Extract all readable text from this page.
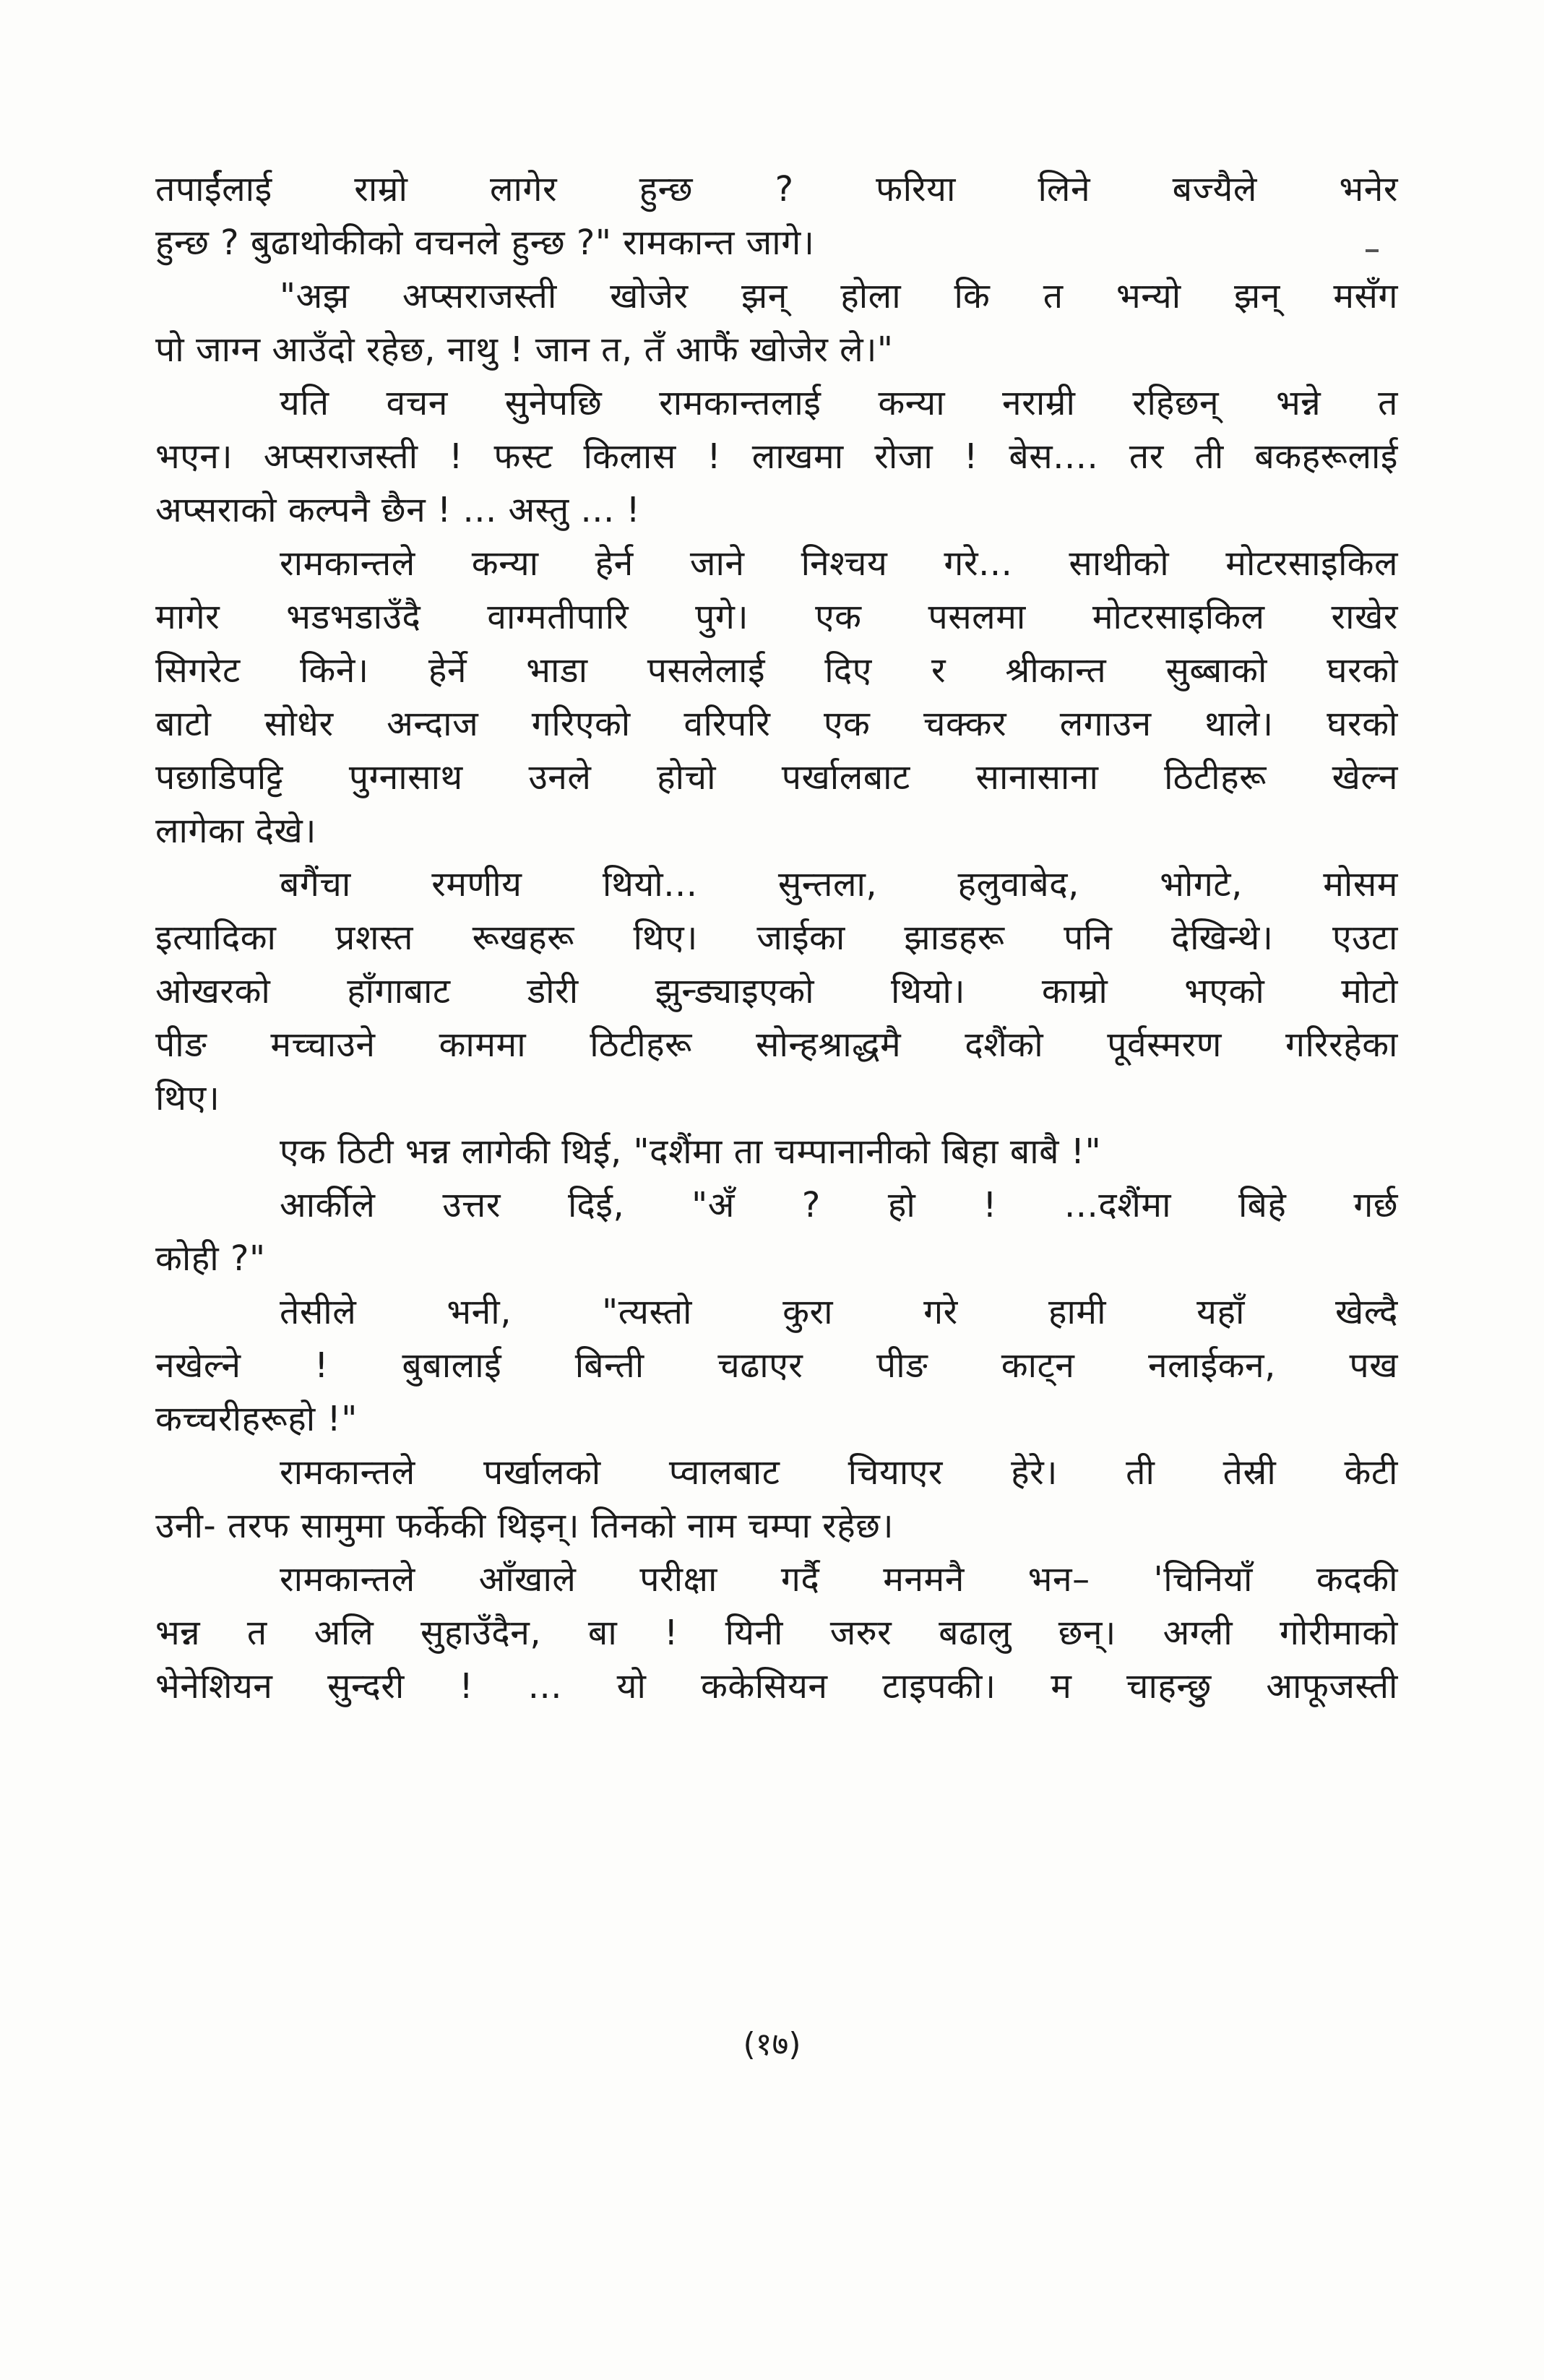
तपाईंलाई राम्रो लागेर हुन्छ ? फरिया लिने बज्यैले भनेर
हुन्छ ? बुढाथोकीको वचनले हुन्छ ?" रामकान्त जागे।
"अझ अप्सराजस्ती खोजेर झन् होला कि त भन्यो झन् मसँग
पो जाग्न आउँदो रहेछ, नाथु ! जान त, तँ आफैं खोजेर ले।"
यति वचन सुनेपछि रामकान्तलाई कन्या नराम्री रहिछन् भन्ने त
भएन। अप्सराजस्ती ! फस्ट किलास ! लाखमा रोजा ! बेस.... तर ती बकहरूलाई
अप्सराको कल्पनै छैन ! ... अस्तु ... !
रामकान्तले कन्या हेर्न जाने निश्चय गरे... साथीको मोटरसाइकिल
मागेर भडभडाउँदै वाग्मतीपारि पुगे। एक पसलमा मोटरसाइकिल राखेर
सिगरेट किने। हेर्ने भाडा पसलेलाई दिए र श्रीकान्त सुब्बाको घरको
बाटो सोधेर अन्दाज गरिएको वरिपरि एक चक्कर लगाउन थाले। घरको
पछाडिपट्टि पुग्नासाथ उनले होचो पर्खालबाट सानासाना ठिटीहरू खेल्न
लागेका देखे।
बगैंचा रमणीय थियो... सुन्तला, हलुवाबेद, भोगटे, मोसम
इत्यादिका प्रशस्त रूखहरू थिए। जाईका झाडहरू पनि देखिन्थे। एउटा
ओखरको हाँगाबाट डोरी झुन्ड्याइएको थियो। काम्रो भएको मोटो
पीङ मच्चाउने काममा ठिटीहरू सोन्हश्राद्धमै दशैंको पूर्वस्मरण गरिरहेका
थिए।
एक ठिटी भन्न लागेकी थिई, "दशैंमा ता चम्पानानीको बिहा बाबै !"
आर्कीले उत्तर दिई, "अँ ? हो ! ...दशैंमा बिहे गर्छ
कोही ?"
तेसीले भनी, "त्यस्तो कुरा गरे हामी यहाँ खेल्दै
नखेल्ने ! बुबालाई बिन्ती चढाएर पीङ काट्न नलाईकन, पख
कच्चरीहरूहो !"
रामकान्तले पर्खालको प्वालबाट चियाएर हेरे। ती तेस्री केटी
उनी- तरफ सामुमा फर्केकी थिइन्। तिनको नाम चम्पा रहेछ।
रामकान्तले आँखाले परीक्षा गर्दै मनमनै भन– 'चिनियाँ कदकी
भन्न त अलि सुहाउँदैन, बा ! यिनी जरुर बढालु छन्। अग्ली गोरीमाको
भेनेशियन सुन्दरी ! ... यो ककेसियन टाइपकी। म चाहन्छु आफूजस्ती
(१७)
